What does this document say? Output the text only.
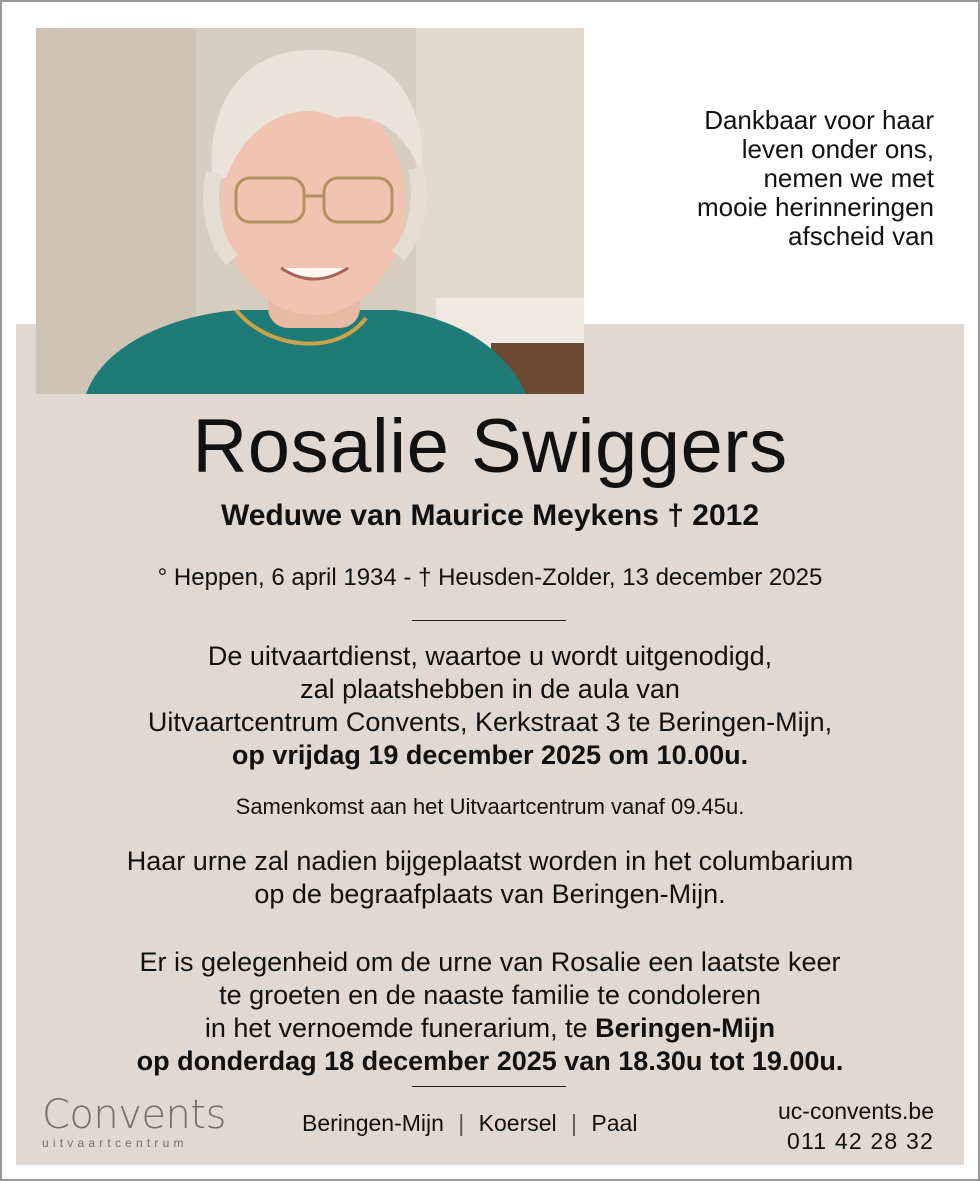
Dankbaar voor haar
leven onder ons,
nemen we met
mooie herinneringen
afscheid van
Rosalie Swiggers
Weduwe van Maurice Meykens † 2012
° Heppen, 6 april 1934 - † Heusden-Zolder, 13 december 2025
De uitvaartdienst, waartoe u wordt uitgenodigd,
zal plaatshebben in de aula van
Uitvaartcentrum Convents, Kerkstraat 3 te Beringen-Mijn,
op vrijdag 19 december 2025 om 10.00u.
Samenkomst aan het Uitvaartcentrum vanaf 09.45u.
Haar urne zal nadien bijgeplaatst worden in het columbarium
op de begraafplaats van Beringen-Mijn.
Er is gelegenheid om de urne van Rosalie een laatste keer
te groeten en de naaste familie te condoleren
in het vernoemde funerarium, te Beringen-Mijn
op donderdag 18 december 2025 van 18.30u tot 19.00u.
Convents
uitvaartcentrum
Beringen-Mijn | Koersel | Paal	uc-convents.be
011 42 28 32
